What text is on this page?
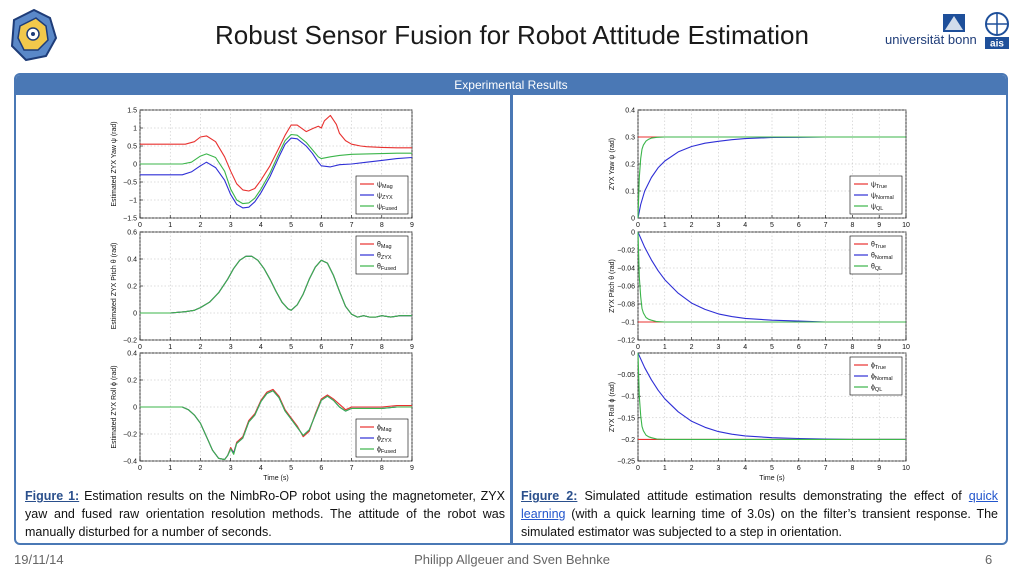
Robust Sensor Fusion for Robot Attitude Estimation	universität bonn ais
Experimental Results
0	1	2	3	4	5	6	7	8	9
−1.5
−1
−0.5
0
0.5
1
1.5
Estimated ZYX Yaw ψ (rad)	$\psi_{Mag}$
$\psi_{ZYX}$
$\psi_{Fused}$
0	1	2	3	4	5	6	7	8	9
−0.2
0
0.2
0.4
0.6
Estimated ZYX Pitch θ (rad)	$\theta_{Mag}$
$\theta_{ZYX}$
$\theta_{Fused}$
0	1	2	3	4	5	6	7	8	9
−0.4
−0.2
0
0.2
0.4
Estimated ZYX Roll ϕ (rad)
Time (s)
$\phi_{Mag}$
$\phi_{ZYX}$
$\phi_{Fused}$
0	1	2	3	4	5	6	7	8	9	10
0
0.1
0.2
0.3
0.4
ZYX Yaw ψ (rad)	$\psi_{True}$
$\psi_{Normal}$
$\psi_{QL}$
0	1	2	3	4	5	6	7	8	9	10
−0.12
−0.1
−0.08
−0.06
−0.04
−0.02
0
ZYX Pitch θ (rad)
$\theta_{True}$
$\theta_{Normal}$
$\theta_{QL}$
0	1	2	3	4	5	6	7	8	9	10
−0.25
−0.2
−0.15
−0.1
−0.05
0
ZYX Roll ϕ (rad)
Time (s)
$\phi_{True}$
$\phi_{Normal}$
$\phi_{QL}$
Figure 1: Estimation results on the NimbRo-OP robot using the magnetometer, ZYX yaw and fused raw orientation resolution methods. The attitude of the robot was manually disturbed for a number of seconds.
Figure 2: Simulated attitude estimation results demonstrating the effect of quick learning (with a quick learning time of 3.0s) on the filter’s transient response. The simulated estimator was subjected to a step in orientation.
19/11/14	Philipp Allgeuer and Sven Behnke	6
